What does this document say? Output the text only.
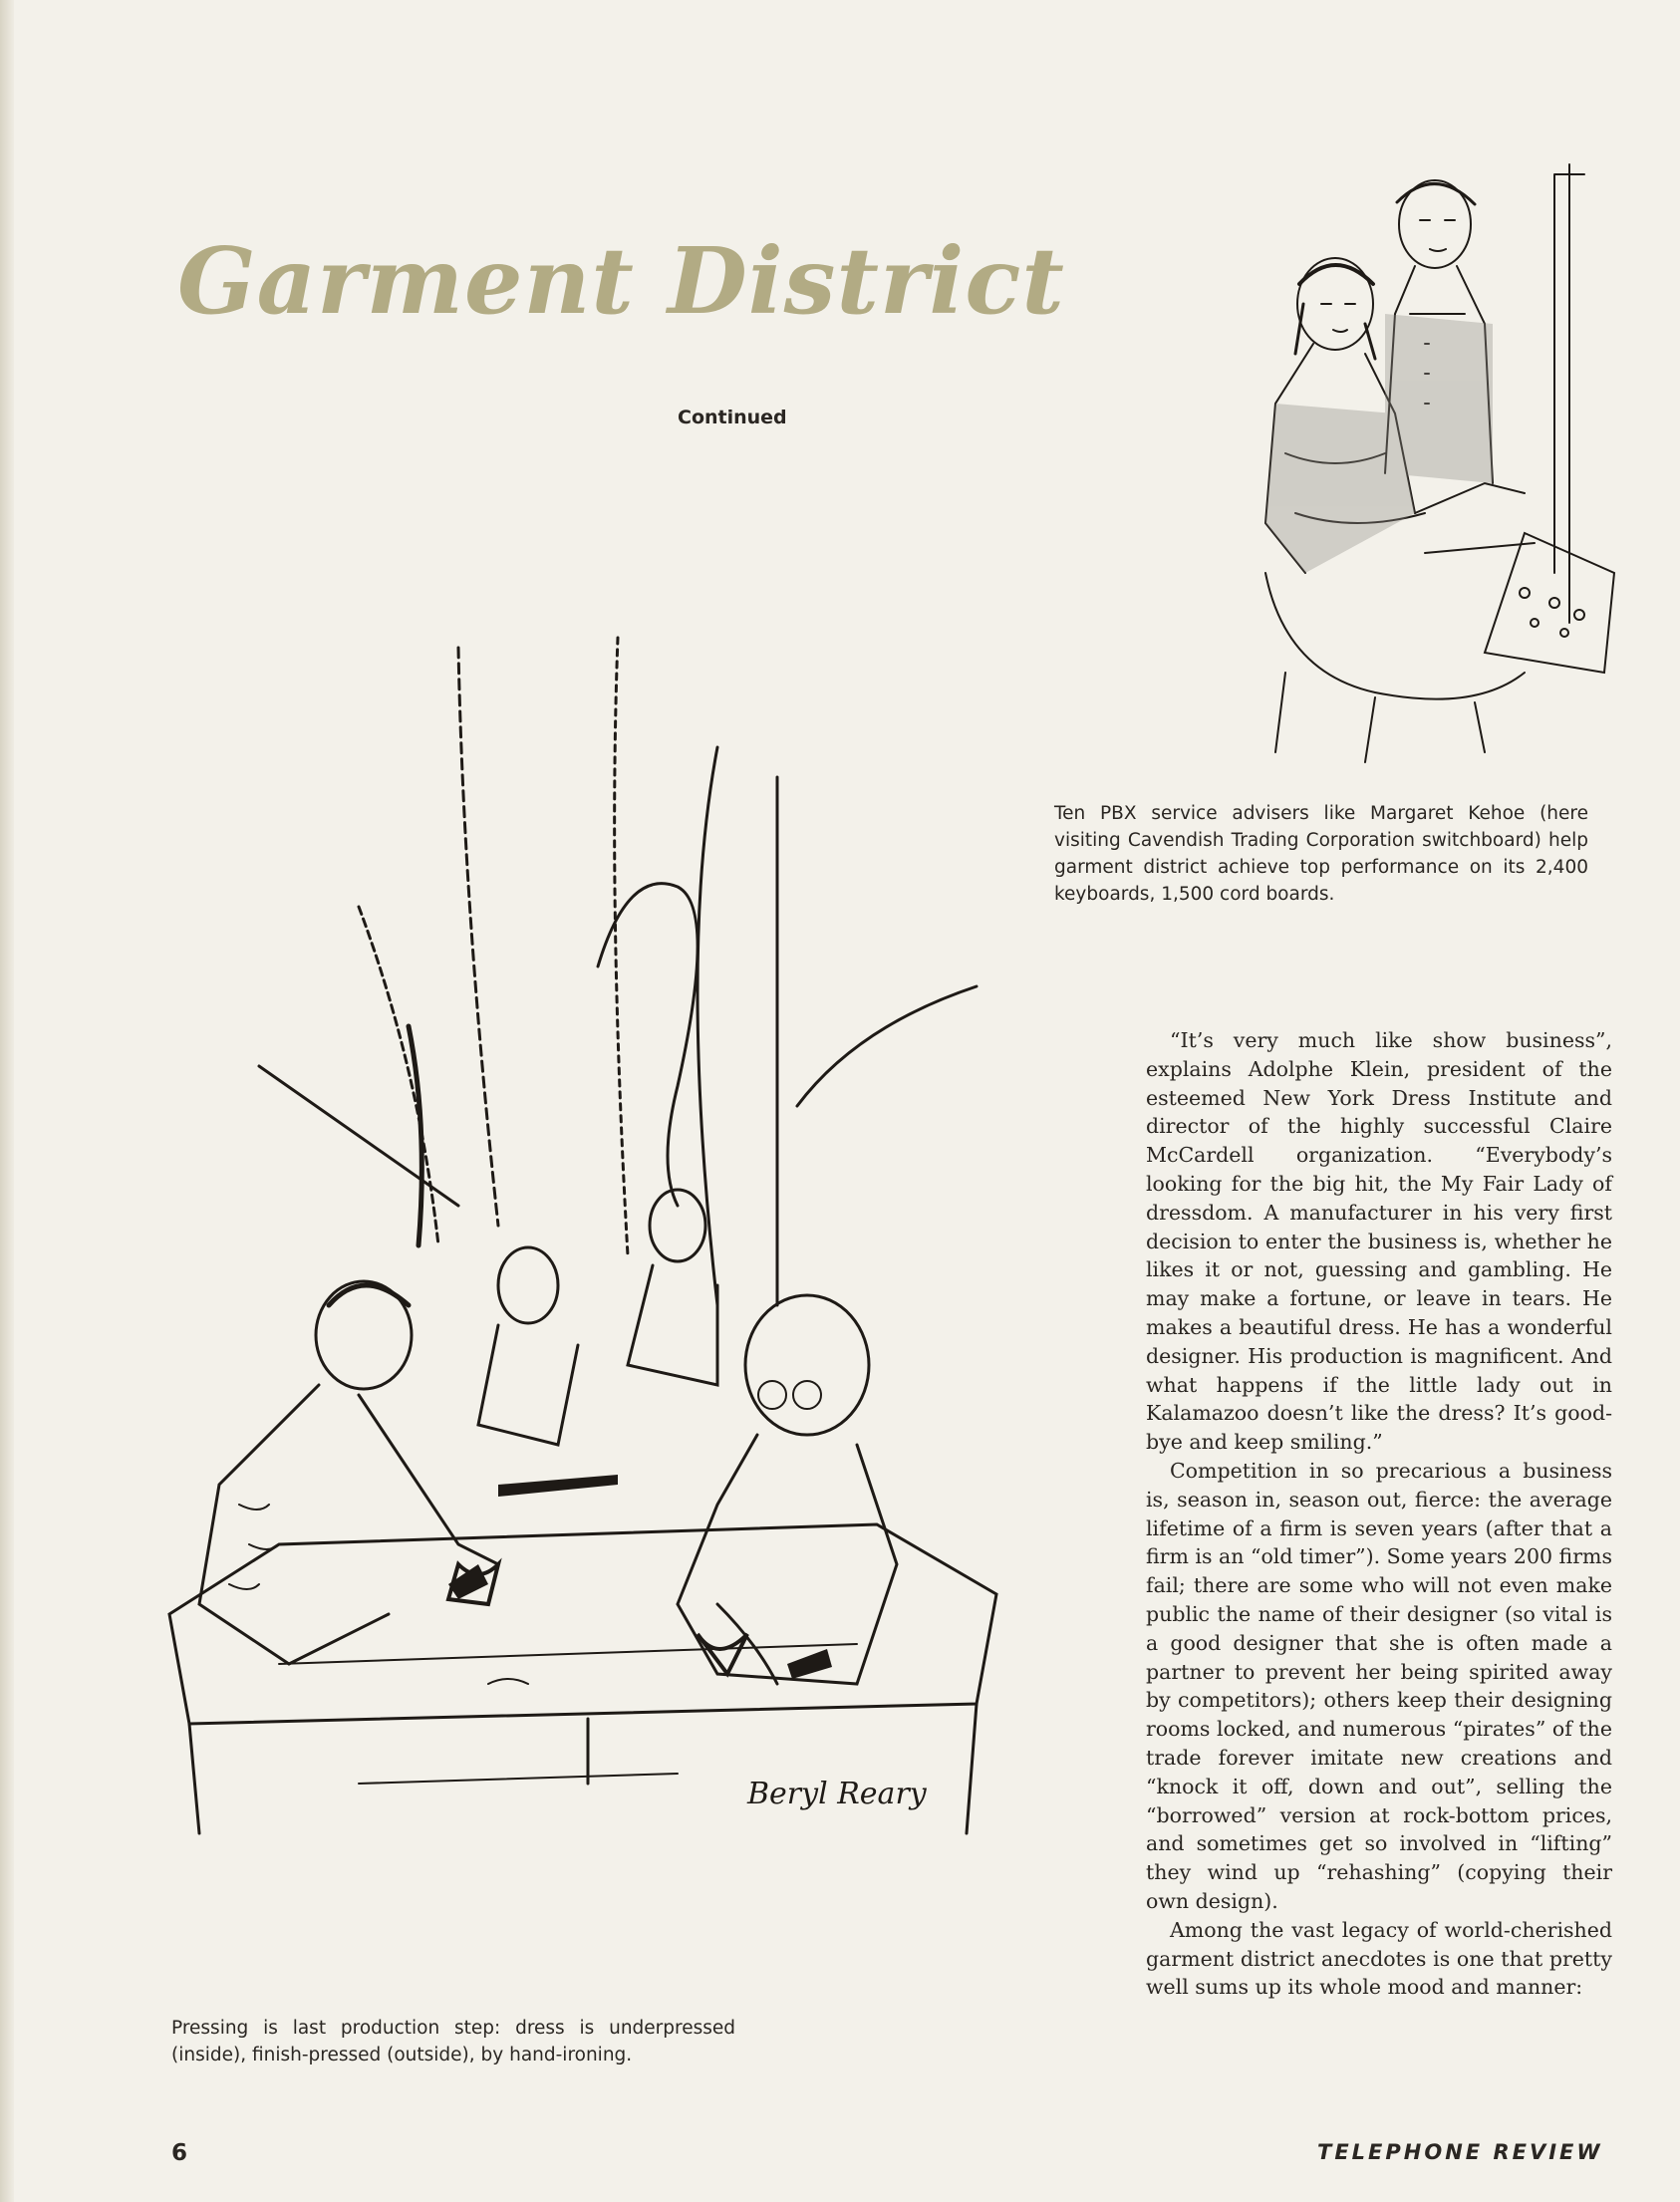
Garment District
Continued
Ten PBX service advisers like Margaret Kehoe (here visiting Cavendish Trading Corporation switchboard) help garment district achieve top performance on its 2,400 keyboards, 1,500 cord boards.
Beryl Reary
Pressing is last production step: dress is underpressed (inside), finish-pressed (outside), by hand-ironing.

“It’s very much like show business”, explains Adolphe Klein, president of the esteemed New York Dress Institute and director of the highly successful Claire McCardell organization. “Everybody’s looking for the big hit, the My Fair Lady of dressdom. A manufacturer in his very first decision to enter the business is, whether he likes it or not, guessing and gambling. He may make a fortune, or leave in tears. He makes a beautiful dress. He has a wonderful designer. His production is magnificent. And what happens if the little lady out in Kalamazoo doesn’t like the dress? It’s good-bye and keep smiling.”

Competition in so precarious a business is, season in, season out, fierce: the average lifetime of a firm is seven years (after that a firm is an “old timer”). Some years 200 firms fail; there are some who will not even make public the name of their designer (so vital is a good designer that she is often made a partner to prevent her being spirited away by competitors); others keep their designing rooms locked, and numerous “pirates” of the trade forever imitate new creations and “knock it off, down and out”, selling the “borrowed” version at rock-bottom prices, and sometimes get so involved in “lifting” they wind up “rehashing” (copying their own design).

Among the vast legacy of world-cherished garment district anecdotes is one that pretty well sums up its whole mood and manner:

6	TELEPHONE REVIEW
